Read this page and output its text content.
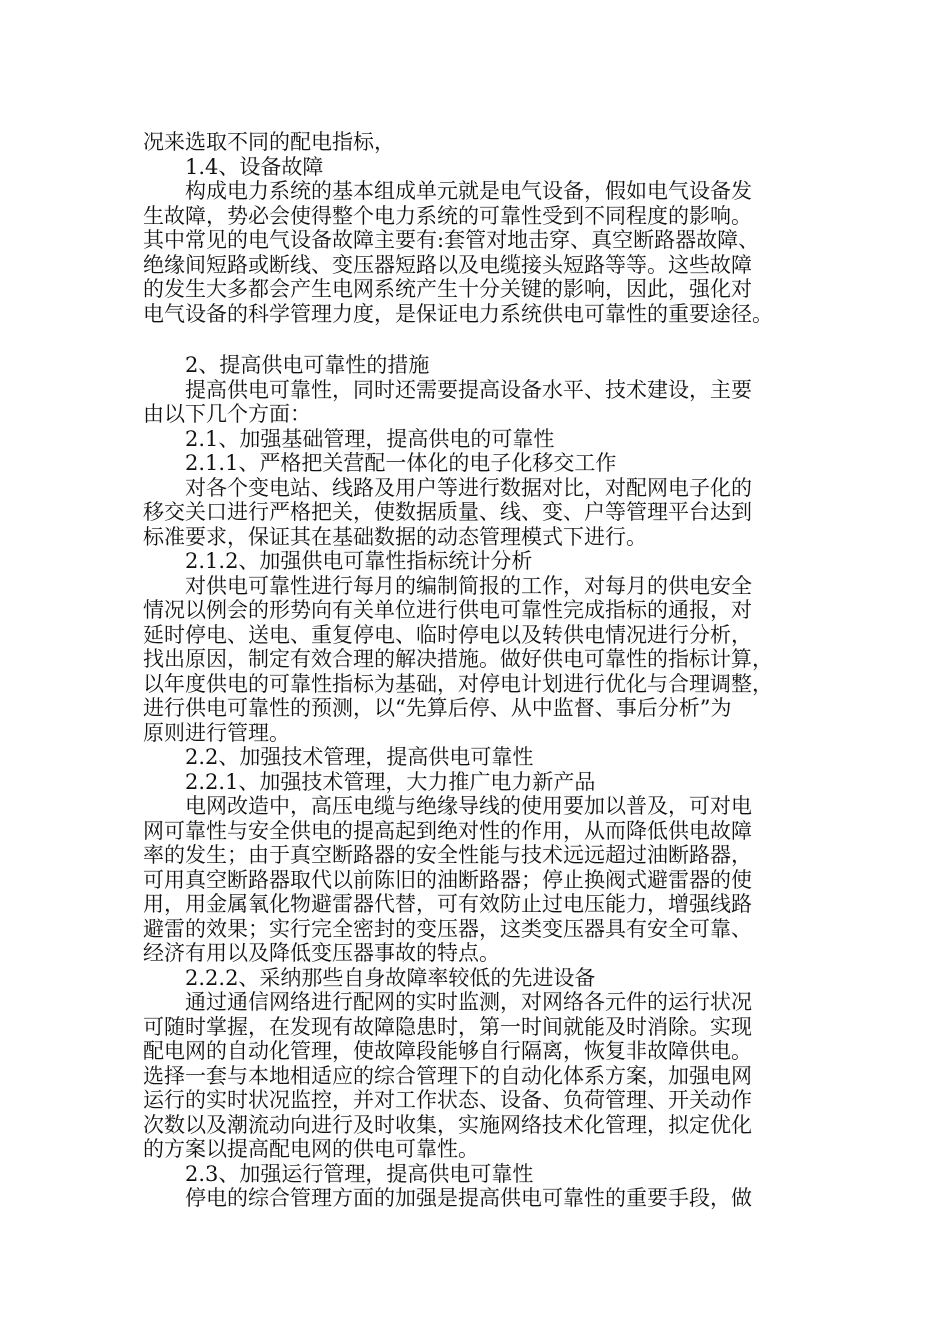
况来选取不同的配电指标，
1.4、设备故障
构成电力系统的基本组成单元就是电气设备，假如电气设备发
生故障，势必会使得整个电力系统的可靠性受到不同程度的影响。
其中常见的电气设备故障主要有:套管对地击穿、真空断路器故障、
绝缘间短路或断线、变压器短路以及电缆接头短路等等。这些故障
的发生大多都会产生电网系统产生十分关键的影响，因此，强化对
电气设备的科学管理力度，是保证电力系统供电可靠性的重要途径。
2、提高供电可靠性的措施
提高供电可靠性，同时还需要提高设备水平、技术建设，主要
由以下几个方面：
2.1、加强基础管理，提高供电的可靠性
2.1.1、严格把关营配一体化的电子化移交工作
对各个变电站、线路及用户等进行数据对比，对配网电子化的
移交关口进行严格把关，使数据质量、线、变、户等管理平台达到
标准要求，保证其在基础数据的动态管理模式下进行。
2.1.2、加强供电可靠性指标统计分析
对供电可靠性进行每月的编制简报的工作，对每月的供电安全
情况以例会的形势向有关单位进行供电可靠性完成指标的通报，对
延时停电、送电、重复停电、临时停电以及转供电情况进行分析，
找出原因，制定有效合理的解决措施。做好供电可靠性的指标计算，
以年度供电的可靠性指标为基础，对停电计划进行优化与合理调整，
进行供电可靠性的预测，以“先算后停、从中监督、事后分析”为
原则进行管理。
2.2、加强技术管理，提高供电可靠性
2.2.1、加强技术管理，大力推广电力新产品
电网改造中，高压电缆与绝缘导线的使用要加以普及，可对电
网可靠性与安全供电的提高起到绝对性的作用，从而降低供电故障
率的发生；由于真空断路器的安全性能与技术远远超过油断路器，
可用真空断路器取代以前陈旧的油断路器；停止换阀式避雷器的使
用，用金属氧化物避雷器代替，可有效防止过电压能力，增强线路
避雷的效果；实行完全密封的变压器，这类变压器具有安全可靠、
经济有用以及降低变压器事故的特点。
2.2.2、采纳那些自身故障率较低的先进设备
通过通信网络进行配网的实时监测，对网络各元件的运行状况
可随时掌握，在发现有故障隐患时，第一时间就能及时消除。实现
配电网的自动化管理，使故障段能够自行隔离，恢复非故障供电。
选择一套与本地相适应的综合管理下的自动化体系方案，加强电网
运行的实时状况监控，并对工作状态、设备、负荷管理、开关动作
次数以及潮流动向进行及时收集，实施网络技术化管理，拟定优化
的方案以提高配电网的供电可靠性。
2.3、加强运行管理，提高供电可靠性
停电的综合管理方面的加强是提高供电可靠性的重要手段，做
